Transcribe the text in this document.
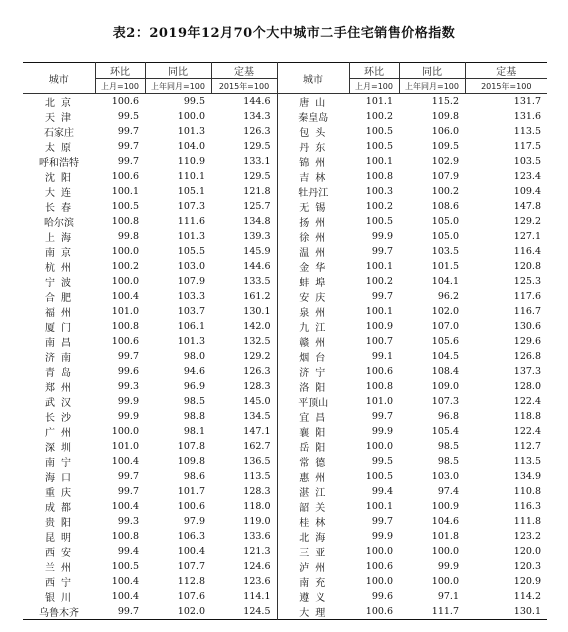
表2：2019年12月70个大中城市二手住宅销售价格指数
城市	环比	同比	定基	城市	环比	同比	定基
	上月=100	上年同月=100	2015年=100		上月=100	上年同月=100	2015年=100
北京	100.6	99.5	144.6	唐山	101.1	115.2	131.7
天津	99.5	100.0	134.3	秦皇岛	100.2	109.8	131.6
石家庄	99.7	101.3	126.3	包头	100.5	106.0	113.5
太原	99.7	104.0	129.5	丹东	100.5	109.5	117.5
呼和浩特	99.7	110.9	133.1	锦州	100.1	102.9	103.5
沈阳	100.6	110.1	129.5	吉林	100.8	107.9	123.4
大连	100.1	105.1	121.8	牡丹江	100.3	100.2	109.4
长春	100.5	107.3	125.7	无锡	100.2	108.6	147.8
哈尔滨	100.8	111.6	134.8	扬州	100.5	105.0	129.2
上海	99.8	101.3	139.3	徐州	99.9	105.0	127.1
南京	100.0	105.5	145.9	温州	99.7	103.5	116.4
杭州	100.2	103.0	144.6	金华	100.1	101.5	120.8
宁波	100.0	107.9	133.5	蚌埠	100.2	104.1	125.3
合肥	100.4	103.3	161.2	安庆	99.7	96.2	117.6
福州	101.0	103.7	130.1	泉州	100.1	102.0	116.7
厦门	100.8	106.1	142.0	九江	100.9	107.0	130.6
南昌	100.6	101.3	132.5	赣州	100.7	105.6	129.6
济南	99.7	98.0	129.2	烟台	99.1	104.5	126.8
青岛	99.6	94.6	126.3	济宁	100.6	108.4	137.3
郑州	99.3	96.9	128.3	洛阳	100.8	109.0	128.0
武汉	99.9	98.5	145.0	平顶山	101.0	107.3	122.4
长沙	99.9	98.8	134.5	宜昌	99.7	96.8	118.8
广州	100.0	98.1	147.1	襄阳	99.9	105.4	122.4
深圳	101.0	107.8	162.7	岳阳	100.0	98.5	112.7
南宁	100.4	109.8	136.5	常德	99.5	98.5	113.5
海口	99.7	98.6	113.5	惠州	100.5	103.0	134.9
重庆	99.7	101.7	128.3	湛江	99.4	97.4	110.8
成都	100.4	100.6	118.0	韶关	100.1	100.9	116.3
贵阳	99.3	97.9	119.0	桂林	99.7	104.6	111.8
昆明	100.8	106.3	133.6	北海	99.9	101.8	123.2
西安	99.4	100.4	121.3	三亚	100.0	100.0	120.0
兰州	100.5	107.7	124.6	泸州	100.6	99.9	120.3
西宁	100.4	112.8	123.6	南充	100.0	100.0	120.9
银川	100.4	107.6	114.1	遵义	99.6	97.1	114.2
乌鲁木齐	99.7	102.0	124.5	大理	100.6	111.7	130.1
